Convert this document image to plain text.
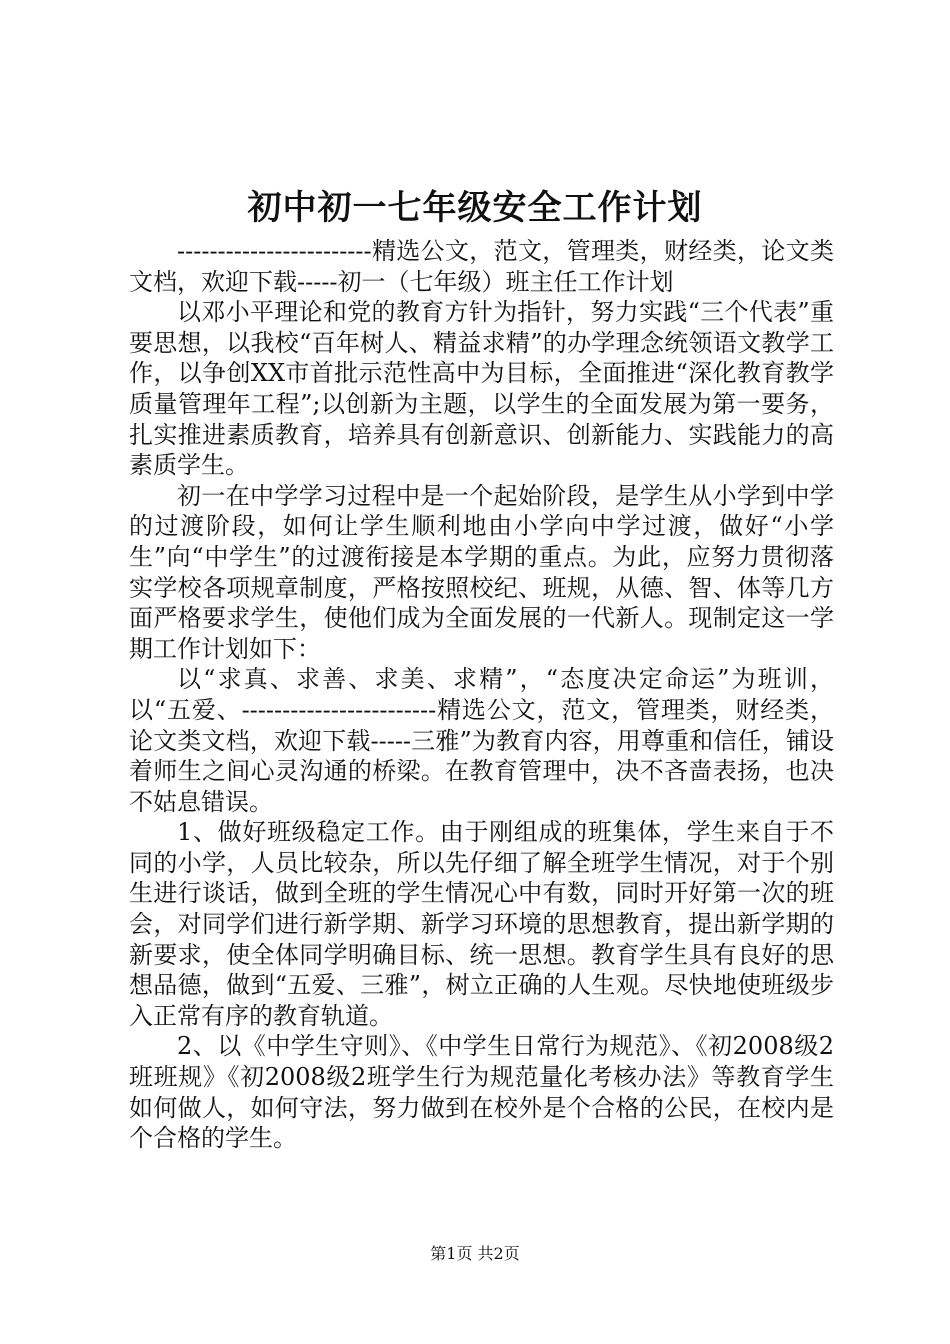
初中初一七年级安全工作计划

------------------------精选公文，范文，管理类，财经类，论文类文档，欢迎下载-----初一（七年级）班主任工作计划

以邓小平理论和党的教育方针为指针，努力实践“三个代表”重要思想，以我校“百年树人、精益求精”的办学理念统领语文教学工作，以争创XX市首批示范性高中为目标，全面推进“深化教育教学质量管理年工程”;以创新为主题，以学生的全面发展为第一要务，扎实推进素质教育，培养具有创新意识、创新能力、实践能力的高素质学生。

初一在中学学习过程中是一个起始阶段，是学生从小学到中学的过渡阶段，如何让学生顺利地由小学向中学过渡，做好“小学生”向“中学生”的过渡衔接是本学期的重点。为此，应努力贯彻落实学校各项规章制度，严格按照校纪、班规，从德、智、体等几方面严格要求学生，使他们成为全面发展的一代新人。现制定这一学期工作计划如下：

以“求真、求善、求美、求精”，“态度决定命运”为班训，以“五爱、------------------------精选公文，范文，管理类，财经类，论文类文档，欢迎下载-----三雅”为教育内容，用尊重和信任，铺设着师生之间心灵沟通的桥梁。在教育管理中，决不吝啬表扬，也决不姑息错误。

1、做好班级稳定工作。由于刚组成的班集体，学生来自于不同的小学，人员比较杂，所以先仔细了解全班学生情况，对于个别生进行谈话，做到全班的学生情况心中有数，同时开好第一次的班会，对同学们进行新学期、新学习环境的思想教育，提出新学期的新要求，使全体同学明确目标、统一思想。教育学生具有良好的思想品德，做到“五爱、三雅”，树立正确的人生观。尽快地使班级步入正常有序的教育轨道。

2、以《中学生守则》、《中学生日常行为规范》、《初2008级2班班规》《初2008级2班学生行为规范量化考核办法》等教育学生如何做人，如何守法，努力做到在校外是个合格的公民，在校内是个合格的学生。

第1页 共2页
